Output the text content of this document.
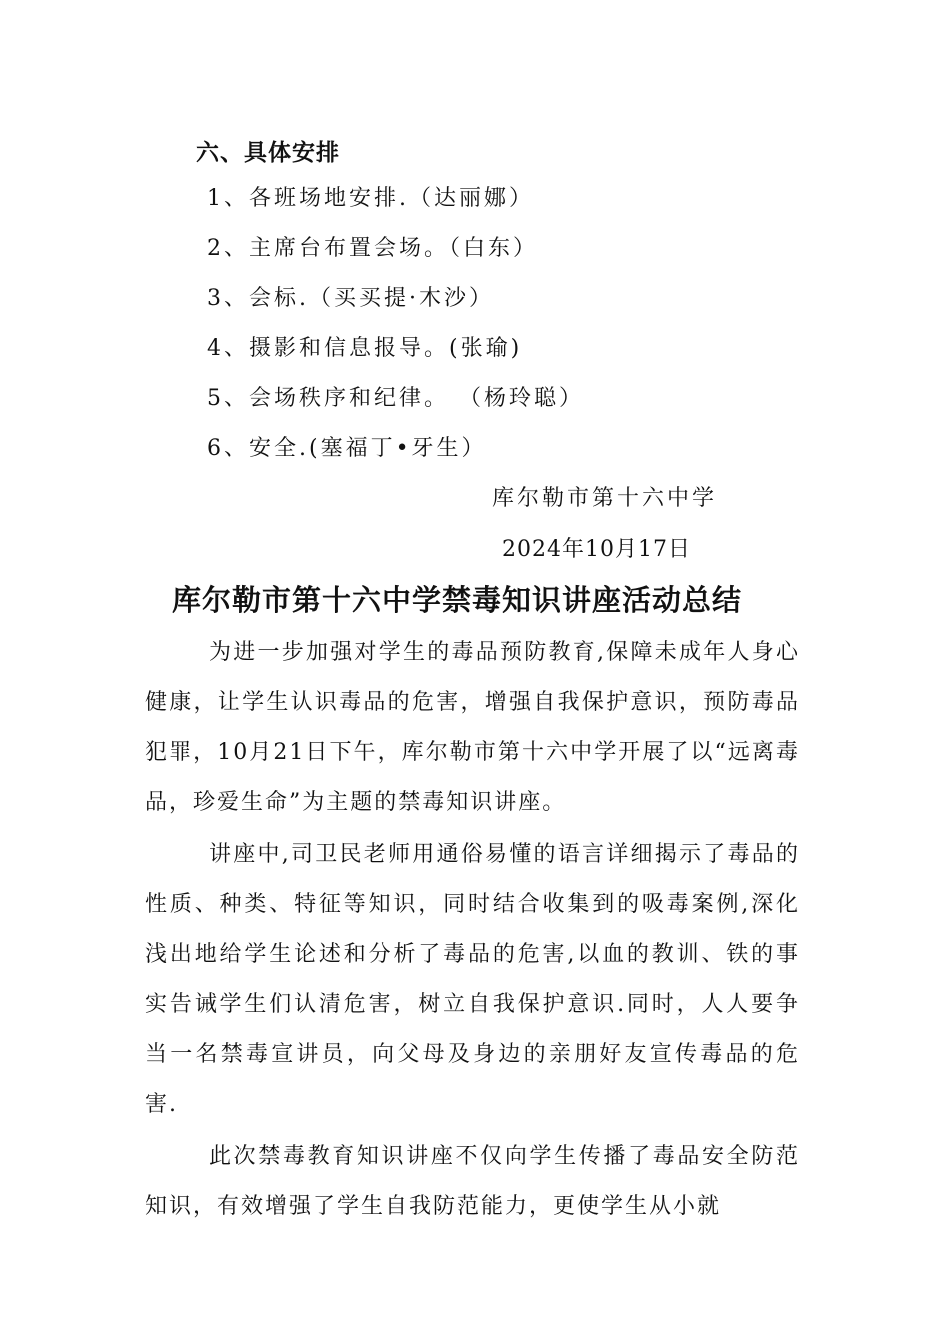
六、具体安排
1、各班场地安排.（达丽娜）
2、主席台布置会场。（白东）
3、会标.（买买提·木沙）
4、摄影和信息报导。(张瑜)
5、会场秩序和纪律。 （杨玲聪）
6、安全.(塞福丁•牙生）
库尔勒市第十六中学
2024年10月17日
库尔勒市第十六中学禁毒知识讲座活动总结

为进一步加强对学生的毒品预防教育,保障未成年人身心健康，让学生认识毒品的危害，增强自我保护意识，预防毒品犯罪，10月21日下午，库尔勒市第十六中学开展了以“远离毒品，珍爱生命”为主题的禁毒知识讲座。

讲座中,司卫民老师用通俗易懂的语言详细揭示了毒品的性质、种类、特征等知识，同时结合收集到的吸毒案例,深化浅出地给学生论述和分析了毒品的危害,以血的教训、铁的事实告诫学生们认清危害，树立自我保护意识.同时，人人要争当一名禁毒宣讲员，向父母及身边的亲朋好友宣传毒品的危害.

此次禁毒教育知识讲座不仅向学生传播了毒品安全防范知识，有效增强了学生自我防范能力，更使学生从小就
